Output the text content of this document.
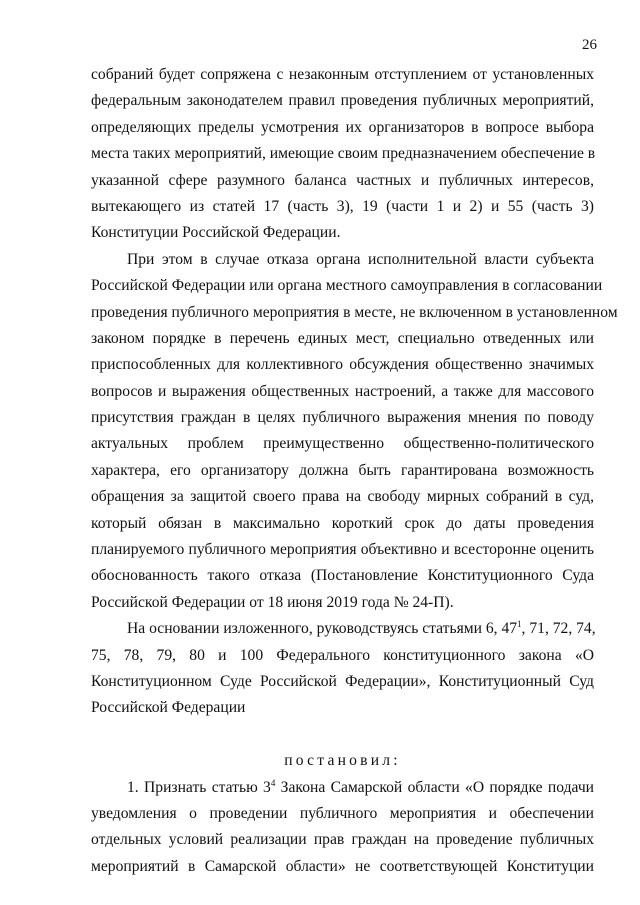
26
собраний будет сопряжена с незаконным отступлением от установленных
федеральным законодателем правил проведения публичных мероприятий,
определяющих пределы усмотрения их организаторов в вопросе выбора
места таких мероприятий, имеющие своим предназначением обеспечение в
указанной сфере разумного баланса частных и публичных интересов,
вытекающего из статей 17 (часть 3), 19 (части 1 и 2) и 55 (часть 3)
Конституции Российской Федерации.
При этом в случае отказа органа исполнительной власти субъекта
Российской Федерации или органа местного самоуправления в согласовании
проведения публичного мероприятия в месте, не включенном в установленном
законом порядке в перечень единых мест, специально отведенных или
приспособленных для коллективного обсуждения общественно значимых
вопросов и выражения общественных настроений, а также для массового
присутствия граждан в целях публичного выражения мнения по поводу
актуальных проблем преимущественно общественно-политического
характера, его организатору должна быть гарантирована возможность
обращения за защитой своего права на свободу мирных собраний в суд,
который обязан в максимально короткий срок до даты проведения
планируемого публичного мероприятия объективно и всесторонне оценить
обоснованность такого отказа (Постановление Конституционного Суда
Российской Федерации от 18 июня 2019 года № 24-П).
На основании изложенного, руководствуясь статьями 6, $47^1$, 71, 72, 74,
75, 78, 79, 80 и 100 Федерального конституционного закона «О
Конституционном Суде Российской Федерации», Конституционный Суд
Российской Федерации
постановил:
1. Признать статью $3^4$ Закона Самарской области «О порядке подачи
уведомления о проведении публичного мероприятия и обеспечении
отдельных условий реализации прав граждан на проведение публичных
мероприятий в Самарской области» не соответствующей Конституции
